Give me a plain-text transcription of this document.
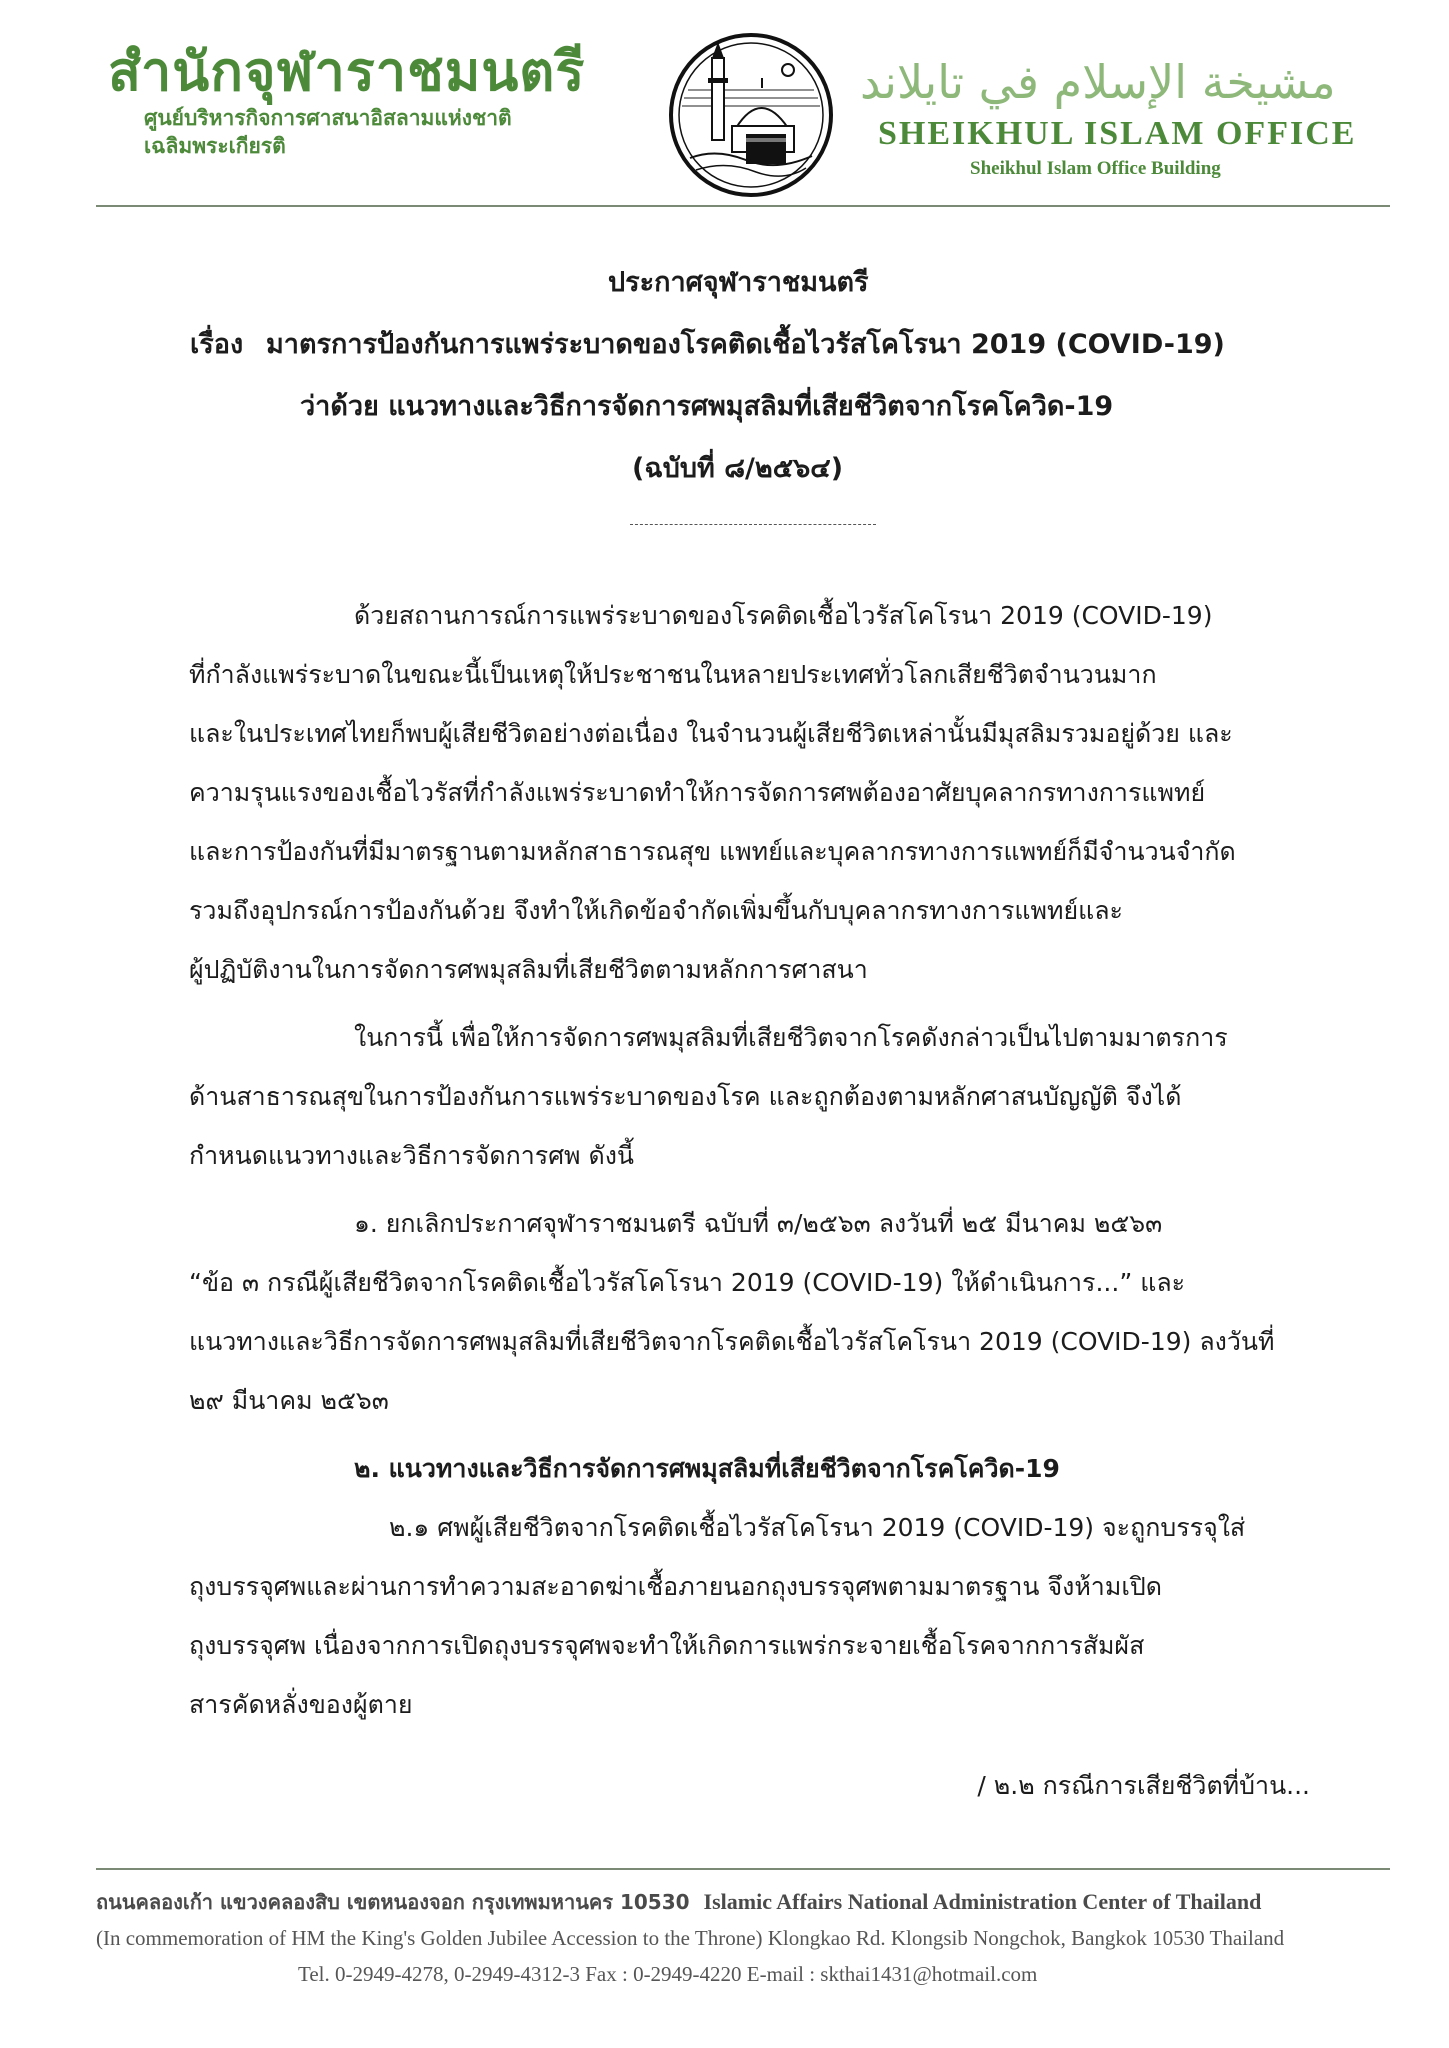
สำนักจุฬาราชมนตรี
ศูนย์บริหารกิจการศาสนาอิสลามแห่งชาติ
เฉลิมพระเกียรติ
مشيخة الإسلام في تايلاند
SHEIKHUL ISLAM OFFICE
Sheikhul Islam Office Building
ประกาศจุฬาราชมนตรี
เรื่อง มาตรการป้องกันการแพร่ระบาดของโรคติดเชื้อไวรัสโคโรนา 2019 (COVID-19)
ว่าด้วย แนวทางและวิธีการจัดการศพมุสลิมที่เสียชีวิตจากโรคโควิด-19
(ฉบับที่ ๘/๒๕๖๔)
ด้วยสถานการณ์การแพร่ระบาดของโรคติดเชื้อไวรัสโคโรนา 2019 (COVID-19)
ที่กำลังแพร่ระบาดในขณะนี้เป็นเหตุให้ประชาชนในหลายประเทศทั่วโลกเสียชีวิตจำนวนมาก
และในประเทศไทยก็พบผู้เสียชีวิตอย่างต่อเนื่อง ในจำนวนผู้เสียชีวิตเหล่านั้นมีมุสลิมรวมอยู่ด้วย และ
ความรุนแรงของเชื้อไวรัสที่กำลังแพร่ระบาดทำให้การจัดการศพต้องอาศัยบุคลากรทางการแพทย์
และการป้องกันที่มีมาตรฐานตามหลักสาธารณสุข แพทย์และบุคลากรทางการแพทย์ก็มีจำนวนจำกัด
รวมถึงอุปกรณ์การป้องกันด้วย จึงทำให้เกิดข้อจำกัดเพิ่มขึ้นกับบุคลากรทางการแพทย์และ
ผู้ปฏิบัติงานในการจัดการศพมุสลิมที่เสียชีวิตตามหลักการศาสนา
ในการนี้ เพื่อให้การจัดการศพมุสลิมที่เสียชีวิตจากโรคดังกล่าวเป็นไปตามมาตรการ
ด้านสาธารณสุขในการป้องกันการแพร่ระบาดของโรค และถูกต้องตามหลักศาสนบัญญัติ จึงได้
กำหนดแนวทางและวิธีการจัดการศพ ดังนี้
๑. ยกเลิกประกาศจุฬาราชมนตรี ฉบับที่ ๓/๒๕๖๓ ลงวันที่ ๒๕ มีนาคม ๒๕๖๓
“ข้อ ๓ กรณีผู้เสียชีวิตจากโรคติดเชื้อไวรัสโคโรนา 2019 (COVID-19) ให้ดำเนินการ...” และ
แนวทางและวิธีการจัดการศพมุสลิมที่เสียชีวิตจากโรคติดเชื้อไวรัสโคโรนา 2019 (COVID-19) ลงวันที่
๒๙ มีนาคม ๒๕๖๓
๒. แนวทางและวิธีการจัดการศพมุสลิมที่เสียชีวิตจากโรคโควิด-19
๒.๑ ศพผู้เสียชีวิตจากโรคติดเชื้อไวรัสโคโรนา 2019 (COVID-19) จะถูกบรรจุใส่
ถุงบรรจุศพและผ่านการทำความสะอาดฆ่าเชื้อภายนอกถุงบรรจุศพตามมาตรฐาน จึงห้ามเปิด
ถุงบรรจุศพ เนื่องจากการเปิดถุงบรรจุศพจะทำให้เกิดการแพร่กระจายเชื้อโรคจากการสัมผัส
สารคัดหลั่งของผู้ตาย
/ ๒.๒ กรณีการเสียชีวิตที่บ้าน...
ถนนคลองเก้า แขวงคลองสิบ เขตหนองจอก กรุงเทพมหานคร 10530 Islamic Affairs National Administration Center of Thailand
(In commemoration of HM the King's Golden Jubilee Accession to the Throne) Klongkao Rd. Klongsib Nongchok, Bangkok 10530 Thailand
Tel. 0-2949-4278, 0-2949-4312-3 Fax : 0-2949-4220 E-mail : skthai1431@hotmail.com
